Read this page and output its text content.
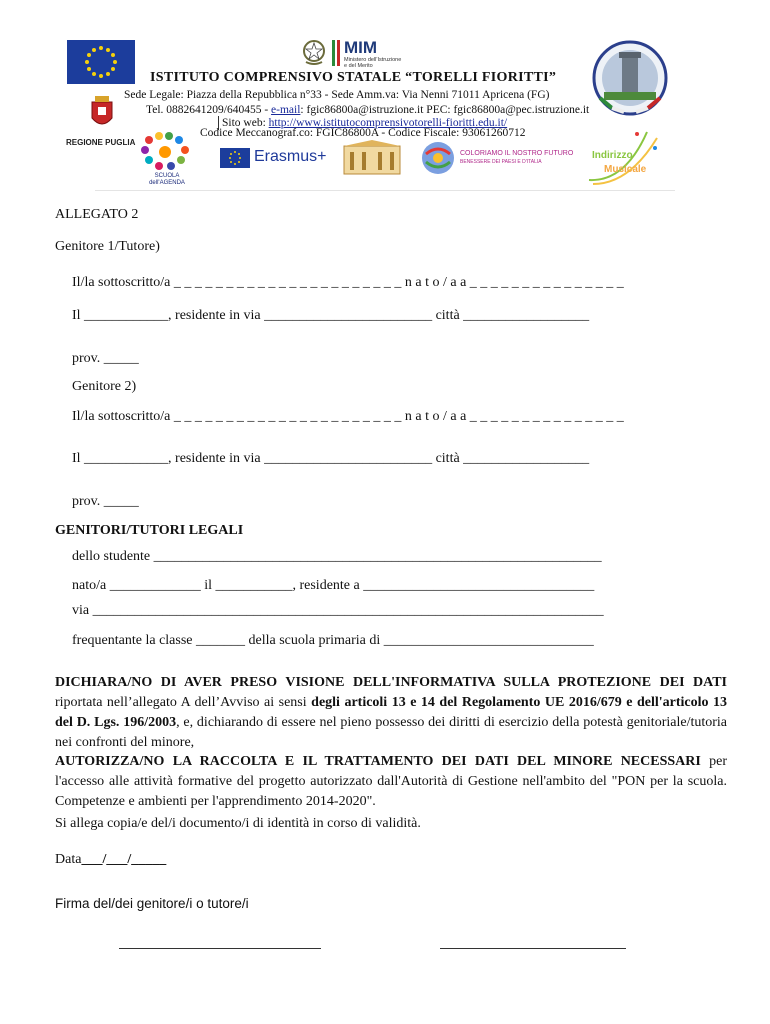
MIM
Ministero dell'Istruzione
e del Merito
REGIONE PUGLIA
ISTITUTO COMPRENSIVO STATALE “TORELLI FIORITTI”
Sede Legale: Piazza della Repubblica n°33 - Sede Amm.va: Via Nenni 71011 Apricena (FG)
Tel. 0882641209/640455 - e-mail: fgic86800a@istruzione.it PEC: fgic86800a@pec.istruzione.it
Sito web: http://www.istitutocomprensivotorelli-fioritti.edu.it/
Codice Meccanograf.co: FGIC86800A - Codice Fiscale: 93061260712
SCUOLA dell'AGENDA
Erasmus+	COLORIAMO IL NOSTRO FUTURO
BENESSERE DEI PAESI E D'ITALIA
Indirizzo
Musicale
ALLEGATO 2
Genitore 1/Tutore)
Il/la sottoscritto/a _ _ _ _ _ _ _ _ _ _ _ _ _ _ _ _ _ _ _ _ _ _ n a t o / a a _ _ _ _ _ _ _ _ _ _ _ _ _ _ _
Il ____________, residente in via ________________________ città __________________
prov. _____
Genitore 2)
Il/la sottoscritto/a _ _ _ _ _ _ _ _ _ _ _ _ _ _ _ _ _ _ _ _ _ _ n a t o / a a _ _ _ _ _ _ _ _ _ _ _ _ _ _ _
Il ____________, residente in via ________________________ città __________________
prov. _____
GENITORI/TUTORI LEGALI
dello studente ________________________________________________________________
nato/a _____________ il ___________, residente a _________________________________
via _________________________________________________________________________
frequentante la classe _______ della scuola primaria di ______________________________
DICHIARA/NO DI AVER PRESO VISIONE DELL'INFORMATIVA SULLA PROTEZIONE DEI DATI riportata nell’allegato A dell’Avviso ai sensi degli articoli 13 e 14 del Regolamento UE 2016/679 e dell'articolo 13 del D. Lgs. 196/2003, e, dichiarando di essere nel pieno possesso dei diritti di esercizio della potestà genitoriale/tutoria nei confronti del minore,
AUTORIZZA/NO LA RACCOLTA E IL TRATTAMENTO DEI DATI DEL MINORE NECESSARI per l'accesso alle attività formative del progetto autorizzato dall'Autorità di Gestione nell'ambito del "PON per la scuola. Competenze e ambienti per l'apprendimento 2014-2020".
Si allega copia/e del/i documento/i di identità in corso di validità.
Data___/___/_____
Firma del/dei genitore/i o tutore/i
